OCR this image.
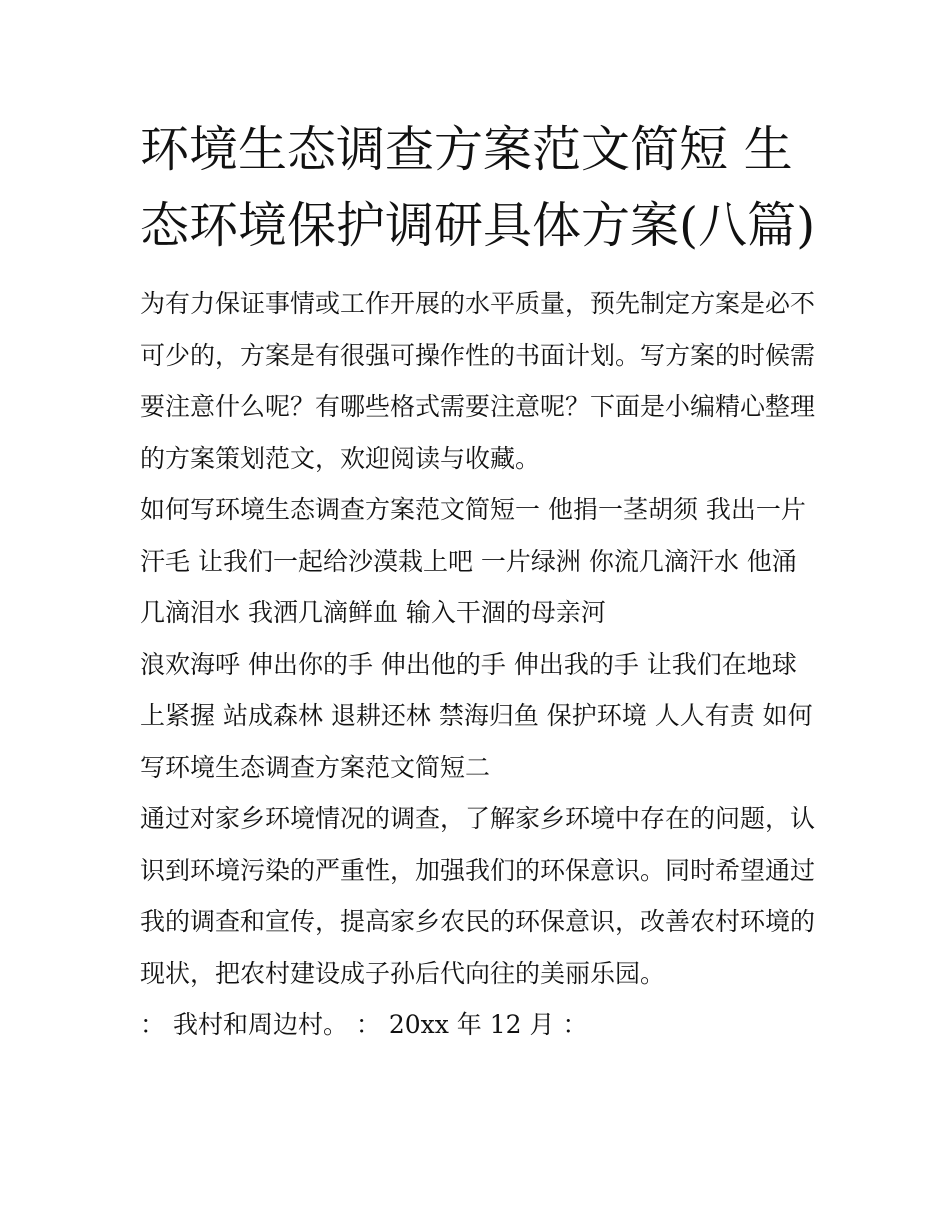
环境生态调查方案范文简短 生态环境保护调研具体方案(八篇)

为有力保证事情或工作开展的水平质量，预先制定方案是必不可少的，方案是有很强可操作性的书面计划。写方案的时候需要注意什么呢？有哪些格式需要注意呢？下面是小编精心整理的方案策划范文，欢迎阅读与收藏。

如何写环境生态调查方案范文简短一 他捐一茎胡须 我出一片汗毛 让我们一起给沙漠栽上吧 一片绿洲 你流几滴汗水 他涌几滴泪水 我洒几滴鲜血 输入干涸的母亲河

浪欢海呼 伸出你的手 伸出他的手 伸出我的手 让我们在地球上紧握 站成森林 退耕还林 禁海归鱼 保护环境 人人有责 如何写环境生态调查方案范文简短二

通过对家乡环境情况的调查，了解家乡环境中存在的问题，认识到环境污染的严重性，加强我们的环保意识。同时希望通过我的调查和宣传，提高家乡农民的环保意识，改善农村环境的现状，把农村建设成子孙后代向往的美丽乐园。

： 我村和周边村。 ： 20xx 年 12 月 ：
